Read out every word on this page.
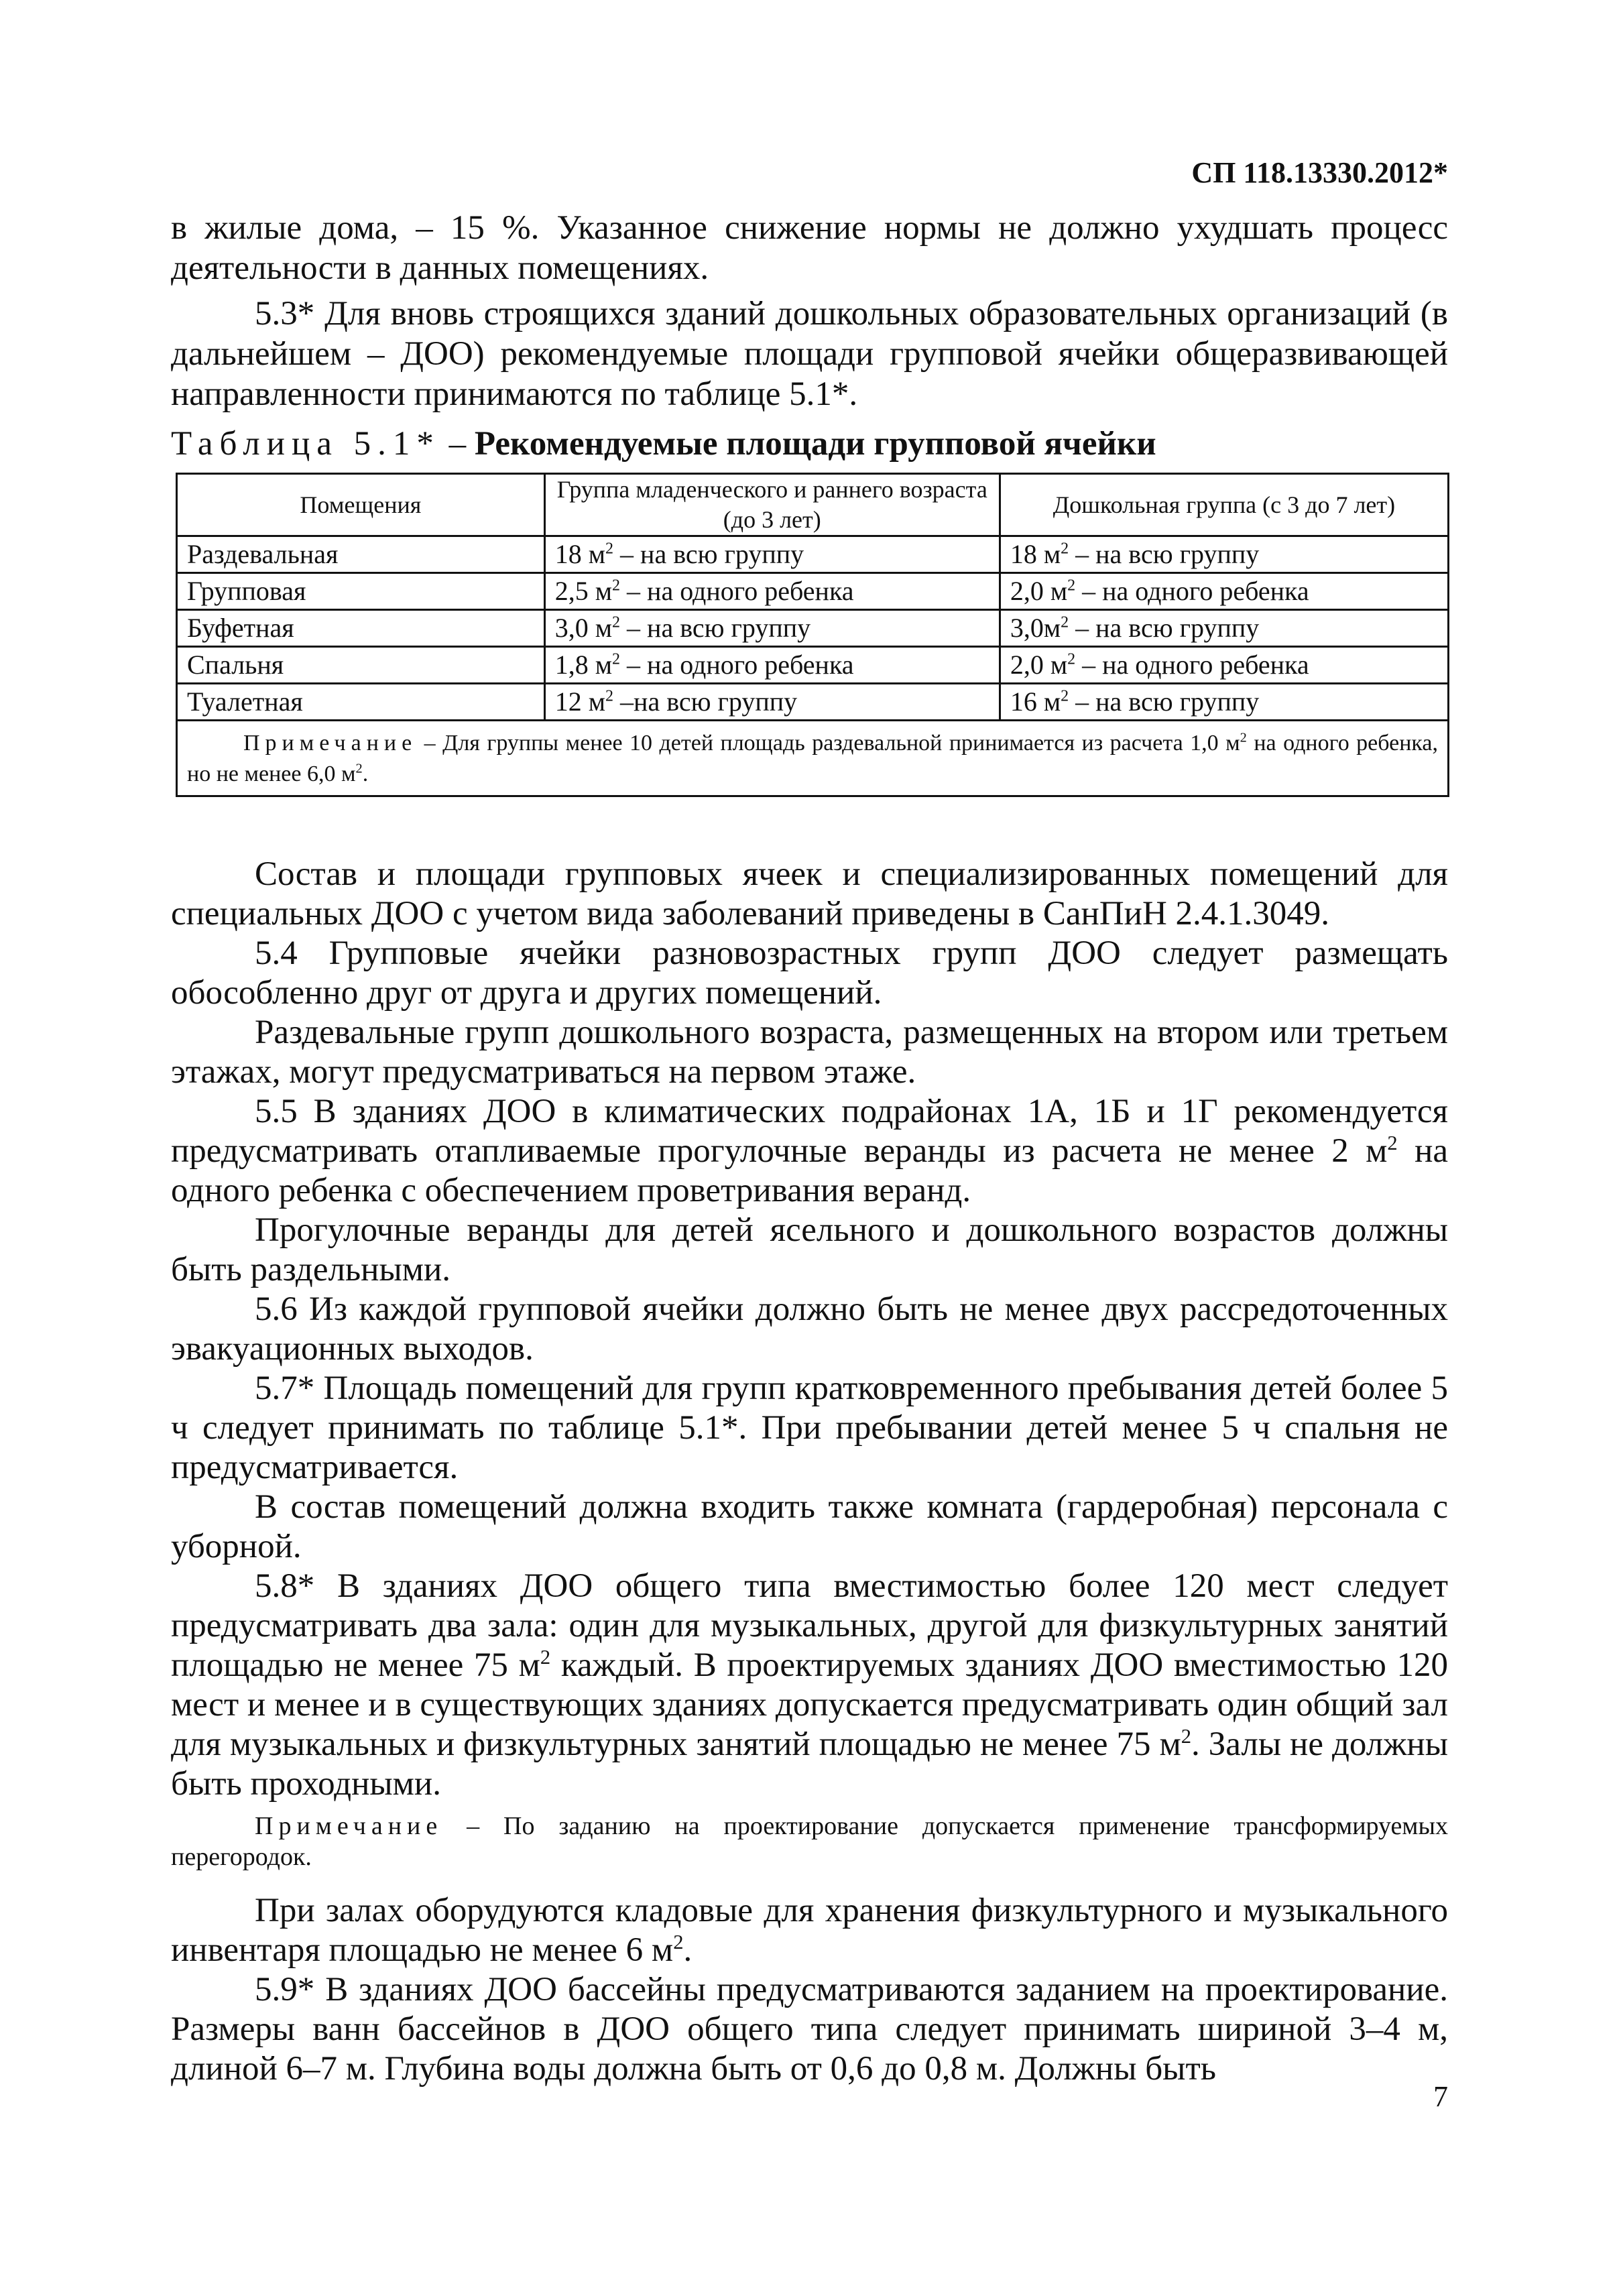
СП 118.13330.2012*

в жилые дома, – 15 %. Указанное снижение нормы не должно ухудшать процесс деятельности в данных помещениях.

5.3* Для вновь строящихся зданий дошкольных образовательных организаций (в дальнейшем – ДОО) рекомендуемые площади групповой ячейки общеразвивающей направленности принимаются по таблице 5.1*.

Таблица 5.1* – Рекомендуемые площади групповой ячейки
Помещения	Группа младенческого и раннего возраста (до 3 лет)	Дошкольная группа (с 3 до 7 лет)
Раздевальная	18 $м^2$ – на всю группу	18 $м^2$ – на всю группу
Групповая	2,5 $м^2$ – на одного ребенка	2,0 $м^2$ – на одного ребенка
Буфетная	3,0 $м^2$ – на всю группу	$3,0м^2$ – на всю группу
Спальня	1,8 $м^2$ – на одного ребенка	2,0 $м^2$ – на одного ребенка
Туалетная	12 $м^2$ –на всю группу	16 $м^2$ – на всю группу
Примечание – Для группы менее 10 детей площадь раздевальной принимается из расчета 1,0 $м^2$ на одного ребенка, но не менее 6,0 $м^2$.		

Состав и площади групповых ячеек и специализированных помещений для специальных ДОО с учетом вида заболеваний приведены в СанПиН 2.4.1.3049.

5.4 Групповые ячейки разновозрастных групп ДОО следует размещать обособленно друг от друга и других помещений.

Раздевальные групп дошкольного возраста, размещенных на втором или третьем этажах, могут предусматриваться на первом этаже.

5.5 В зданиях ДОО в климатических подрайонах 1А, 1Б и 1Г рекомендуется предусматривать отапливаемые прогулочные веранды из расчета не менее 2 $м^2$ на одного ребенка с обеспечением проветривания веранд.

Прогулочные веранды для детей ясельного и дошкольного возрастов должны быть раздельными.

5.6 Из каждой групповой ячейки должно быть не менее двух рассредоточенных эвакуационных выходов.

5.7* Площадь помещений для групп кратковременного пребывания детей более 5 ч следует принимать по таблице 5.1*. При пребывании детей менее 5 ч спальня не предусматривается.

В состав помещений должна входить также комната (гардеробная) персонала с уборной.

5.8* В зданиях ДОО общего типа вместимостью более 120 мест следует предусматривать два зала: один для музыкальных, другой для физкультурных занятий площадью не менее 75 $м^2$ каждый. В проектируемых зданиях ДОО вместимостью 120 мест и менее и в существующих зданиях допускается предусматривать один общий зал для музыкальных и физкультурных занятий площадью не менее 75 $м^2$. Залы не должны быть проходными.

Примечание – По заданию на проектирование допускается применение трансформируемых перегородок.

При залах оборудуются кладовые для хранения физкультурного и музыкального инвентаря площадью не менее 6 $м^2$.

5.9* В зданиях ДОО бассейны предусматриваются заданием на проектирование. Размеры ванн бассейнов в ДОО общего типа следует принимать шириной 3–4 м, длиной 6–7 м. Глубина воды должна быть от 0,6 до 0,8 м. Должны быть

7
